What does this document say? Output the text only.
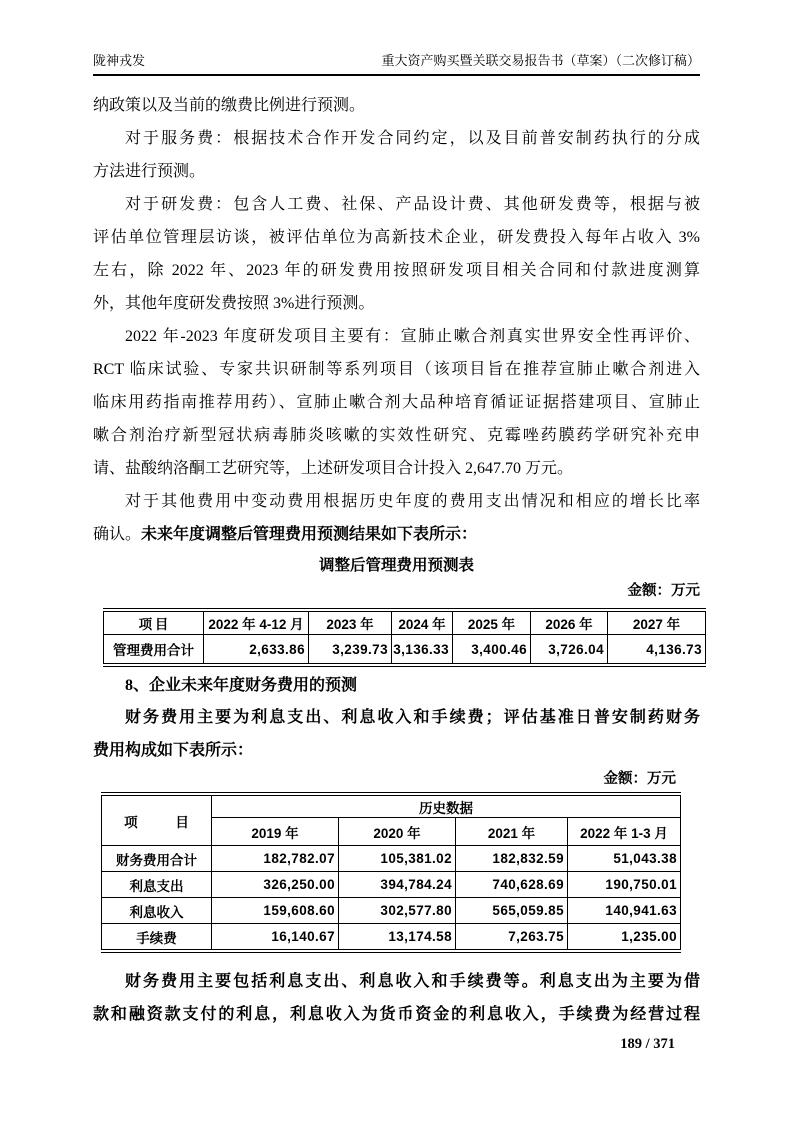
陇神戎发	重大资产购买暨关联交易报告书（草案）（二次修订稿）

纳政策以及当前的缴费比例进行预测。

对于服务费：根据技术合作开发合同约定，以及目前普安制药执行的分成
方法进行预测。

对于研发费：包含人工费、社保、产品设计费、其他研发费等，根据与被
评估单位管理层访谈，被评估单位为高新技术企业，研发费投入每年占收入 3%
左右，除 2022 年、2023 年的研发费用按照研发项目相关合同和付款进度测算
外，其他年度研发费按照 3%进行预测。

2022 年-2023 年度研发项目主要有：宣肺止嗽合剂真实世界安全性再评价、
RCT 临床试验、专家共识研制等系列项目（该项目旨在推荐宣肺止嗽合剂进入
临床用药指南推荐用药）、宣肺止嗽合剂大品种培育循证证据搭建项目、宣肺止
嗽合剂治疗新型冠状病毒肺炎咳嗽的实效性研究、克霉唑药膜药学研究补充申
请、盐酸纳洛酮工艺研究等，上述研发项目合计投入 2,647.70 万元。

对于其他费用中变动费用根据历史年度的费用支出情况和相应的增长比率
确认。未来年度调整后管理费用预测结果如下表所示：

调整后管理费用预测表
金额：万元
项目	2022 年 4-12 月	2023 年	2024 年	2025 年	2026 年	2027 年
管理费用合计	2,633.86	3,239.73	3,136.33	3,400.46	3,726.04	4,136.73
8、企业未来年度财务费用的预测

财务费用主要为利息支出、利息收入和手续费；评估基准日普安制药财务
费用构成如下表所示：

金额：万元
项　目	历史数据			
	2019 年	2020 年	2021 年	2022 年 1-3 月
财务费用合计	182,782.07	105,381.02	182,832.59	51,043.38
利息支出	326,250.00	394,784.24	740,628.69	190,750.01
利息收入	159,608.60	302,577.80	565,059.85	140,941.63
手续费	16,140.67	13,174.58	7,263.75	1,235.00

财务费用主要包括利息支出、利息收入和手续费等。利息支出为主要为借
款和融资款支付的利息，利息收入为货币资金的利息收入，手续费为经营过程

189 / 371
